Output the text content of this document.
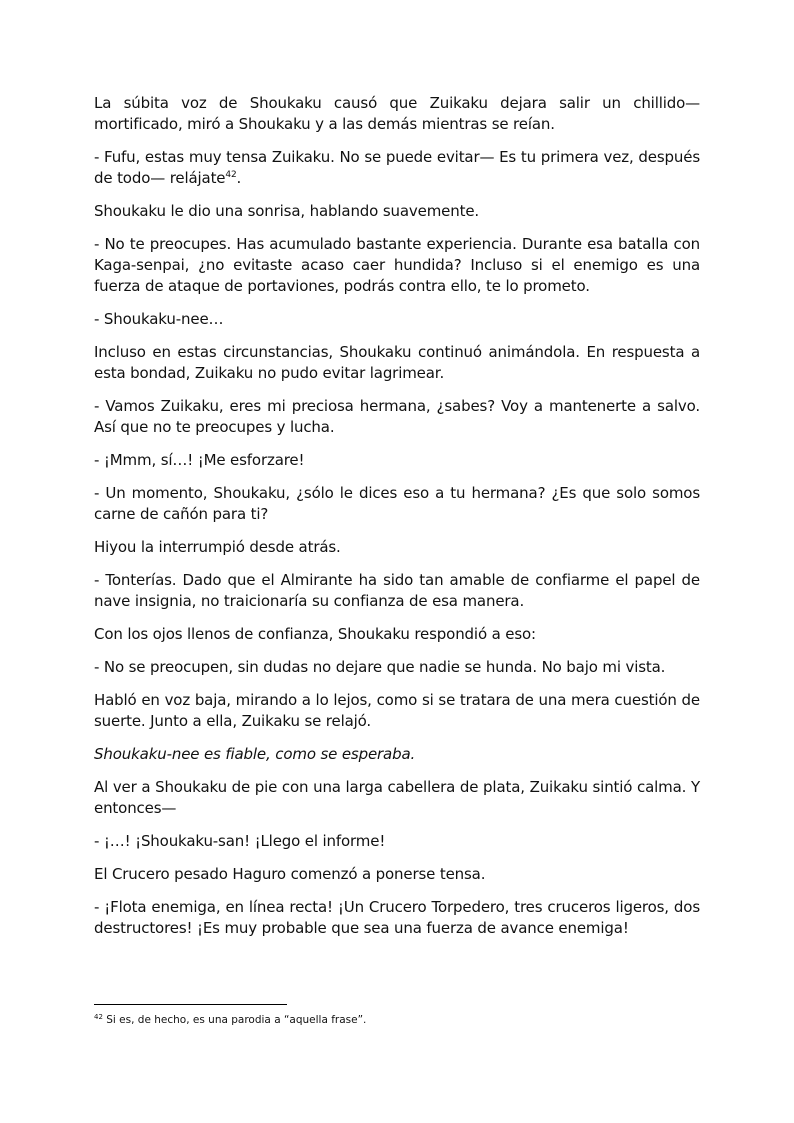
La súbita voz de Shoukaku causó que Zuikaku dejara salir un chillido— mortificado, miró a Shoukaku y a las demás mientras se reían.

- Fufu, estas muy tensa Zuikaku. No se puede evitar— Es tu primera vez, después de todo— relájate$^{42}$.

Shoukaku le dio una sonrisa, hablando suavemente.

- No te preocupes. Has acumulado bastante experiencia. Durante esa batalla con Kaga-senpai, ¿no evitaste acaso caer hundida? Incluso si el enemigo es una fuerza de ataque de portaviones, podrás contra ello, te lo prometo.

- Shoukaku-nee…

Incluso en estas circunstancias, Shoukaku continuó animándola. En respuesta a esta bondad, Zuikaku no pudo evitar lagrimear.

- Vamos Zuikaku, eres mi preciosa hermana, ¿sabes? Voy a mantenerte a salvo. Así que no te preocupes y lucha.

- ¡Mmm, sí…! ¡Me esforzare!

- Un momento, Shoukaku, ¿sólo le dices eso a tu hermana? ¿Es que solo somos carne de cañón para ti?

Hiyou la interrumpió desde atrás.

- Tonterías. Dado que el Almirante ha sido tan amable de confiarme el papel de nave insignia, no traicionaría su confianza de esa manera.

Con los ojos llenos de confianza, Shoukaku respondió a eso:

- No se preocupen, sin dudas no dejare que nadie se hunda. No bajo mi vista.

Habló en voz baja, mirando a lo lejos, como si se tratara de una mera cuestión de suerte. Junto a ella, Zuikaku se relajó.

Shoukaku-nee es fiable, como se esperaba.

Al ver a Shoukaku de pie con una larga cabellera de plata, Zuikaku sintió calma. Y entonces—

- ¡…! ¡Shoukaku-san! ¡Llego el informe!

El Crucero pesado Haguro comenzó a ponerse tensa.

- ¡Flota enemiga, en línea recta! ¡Un Crucero Torpedero, tres cruceros ligeros, dos destructores! ¡Es muy probable que sea una fuerza de avance enemiga!

$^{42}$ Si es, de hecho, es una parodia a “aquella frase”.
